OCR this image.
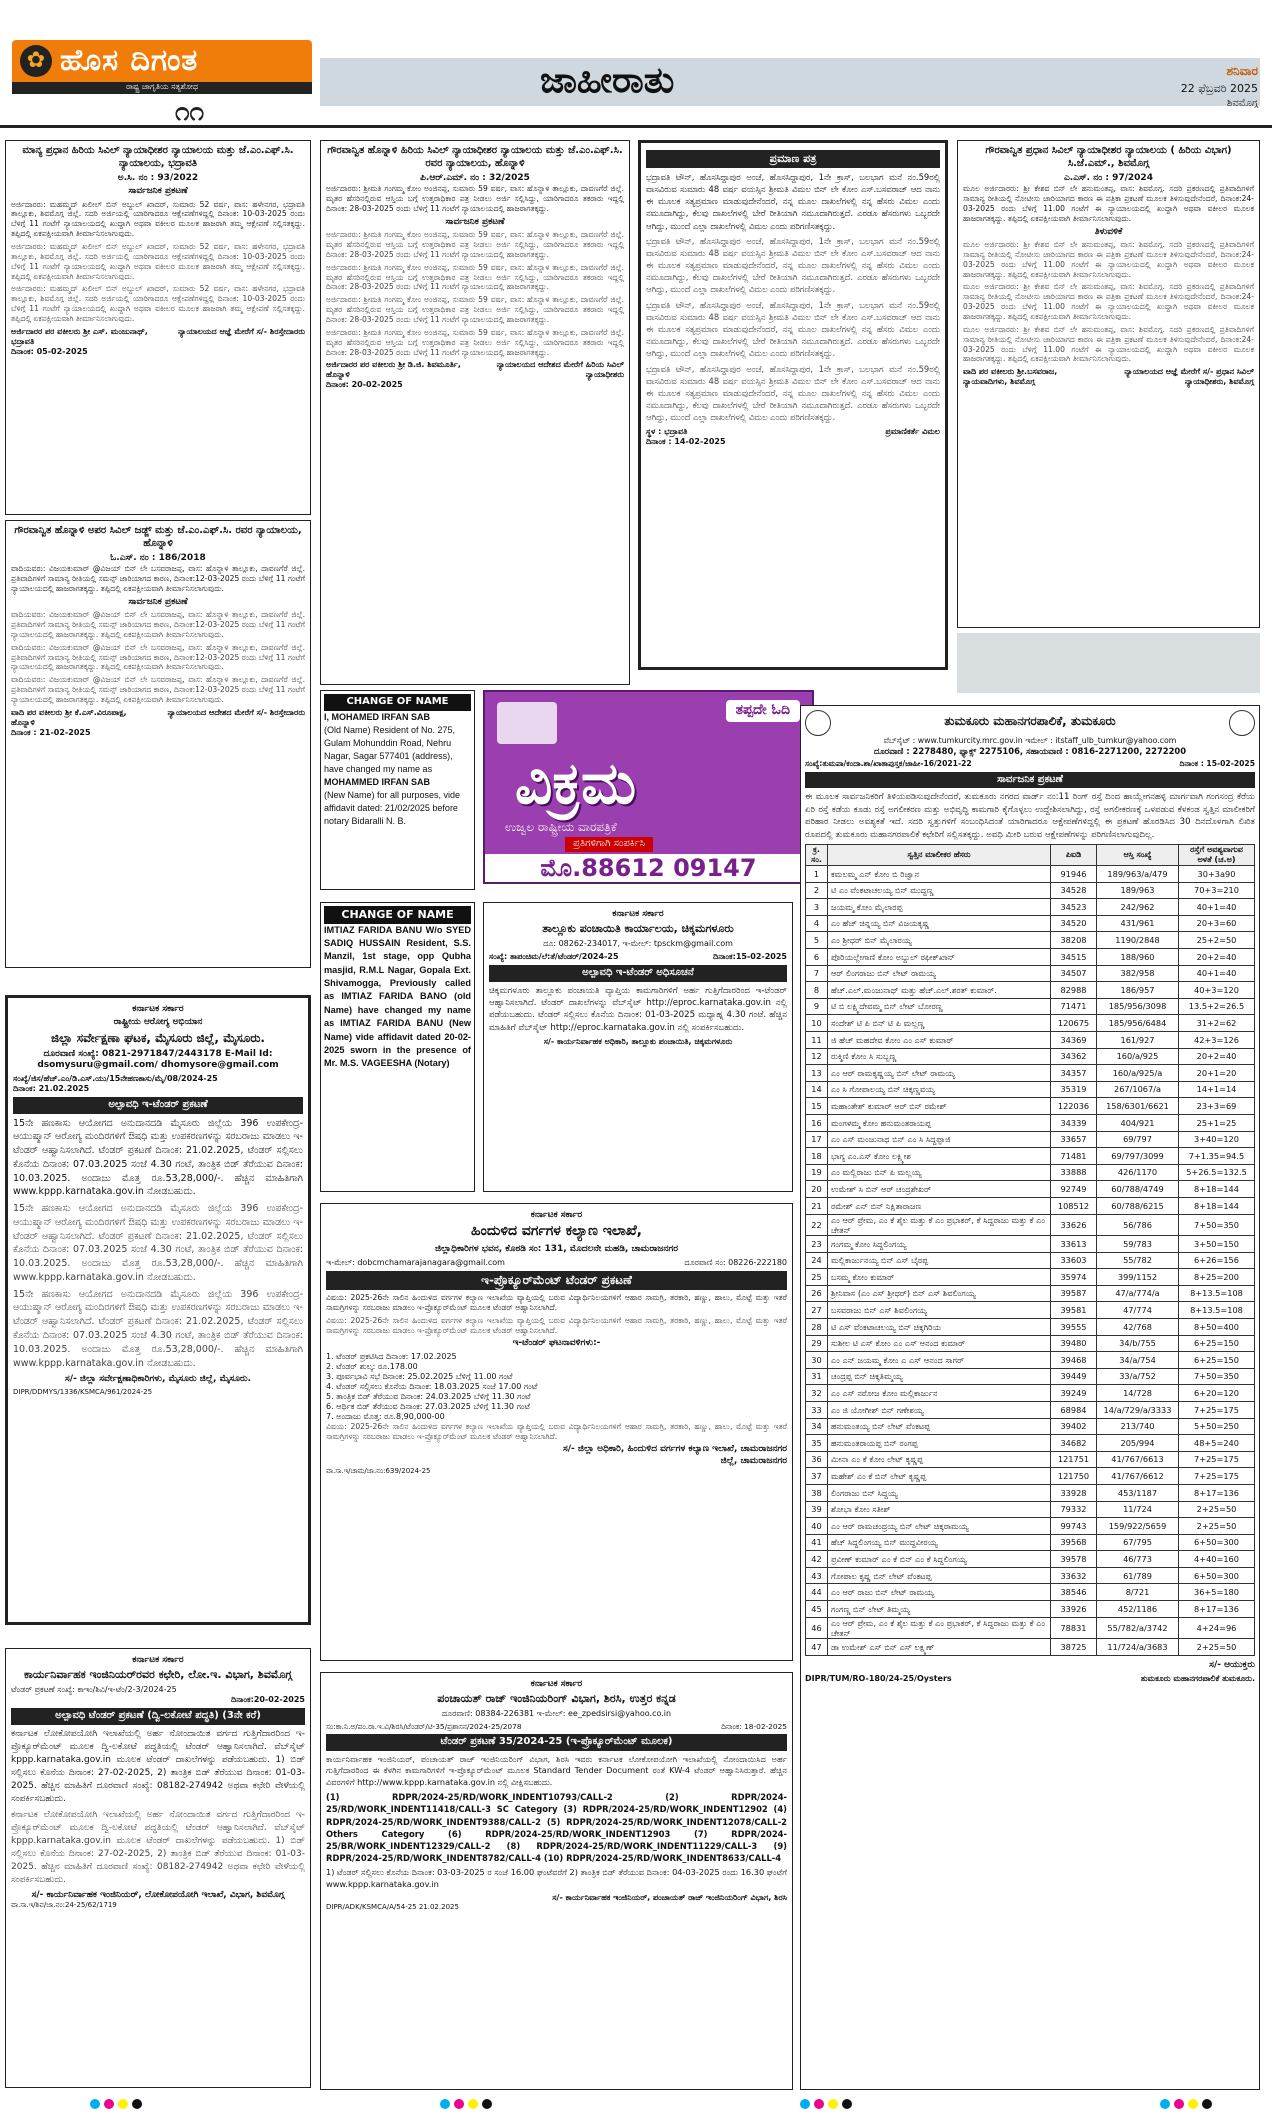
✿ ಹೊಸ ದಿಗಂತ
ರಾಷ್ಟ್ರ ಜಾಗೃತಿಯ ಸತ್ಯಶೋಧ
೧೧
ಜಾಹೀರಾತು	ಶನಿವಾರ
22 ಫೆಬ್ರವರಿ 2025
ಶಿವಮೊಗ್ಗ
ಮಾನ್ಯ ಪ್ರಧಾನ ಹಿರಿಯ ಸಿವಿಲ್ ನ್ಯಾಯಾಧೀಶರ ನ್ಯಾಯಾಲಯ ಮತ್ತು ಜೆ.ಎಂ.ಎಫ್.ಸಿ. ನ್ಯಾಯಾಲಯ, ಭದ್ರಾವತಿ
ಅ.ಸಿ. ನಂ : 93/2022
ಸಾರ್ವಜನಿಕ ಪ್ರಕಟಣೆ

ಅರ್ಜಿದಾರರು: ಮಹಮ್ಮದ್ ಖಲೀಲ್ ಬಿನ್ ಅಬ್ದುಲ್ ಖಾದರ್, ಸುಮಾರು 52 ವರ್ಷ, ವಾಸ: ಹಳೇನಗರ, ಭದ್ರಾವತಿ ತಾಲ್ಲೂಕು, ಶಿವಮೊಗ್ಗ ಜಿಲ್ಲೆ. ಸದರಿ ಅರ್ಜಿಯಲ್ಲಿ ಯಾರಿಗಾದರೂ ಆಕ್ಷೇಪಣೆಗಳಿದ್ದಲ್ಲಿ ದಿನಾಂಕ: 10-03-2025 ರಂದು ಬೆಳಿಗ್ಗೆ 11 ಗಂಟೆಗೆ ನ್ಯಾಯಾಲಯದಲ್ಲಿ ಖುದ್ದಾಗಿ ಅಥವಾ ವಕೀಲರ ಮೂಲಕ ಹಾಜರಾಗಿ ತಮ್ಮ ಆಕ್ಷೇಪಣೆ ಸಲ್ಲಿಸತಕ್ಕದ್ದು. ತಪ್ಪಿದಲ್ಲಿ ಏಕಪಕ್ಷೀಯವಾಗಿ ತೀರ್ಮಾನಿಸಲಾಗುವುದು.

ಅರ್ಜಿದಾರರು: ಮಹಮ್ಮದ್ ಖಲೀಲ್ ಬಿನ್ ಅಬ್ದುಲ್ ಖಾದರ್, ಸುಮಾರು 52 ವರ್ಷ, ವಾಸ: ಹಳೇನಗರ, ಭದ್ರಾವತಿ ತಾಲ್ಲೂಕು, ಶಿವಮೊಗ್ಗ ಜಿಲ್ಲೆ. ಸದರಿ ಅರ್ಜಿಯಲ್ಲಿ ಯಾರಿಗಾದರೂ ಆಕ್ಷೇಪಣೆಗಳಿದ್ದಲ್ಲಿ ದಿನಾಂಕ: 10-03-2025 ರಂದು ಬೆಳಿಗ್ಗೆ 11 ಗಂಟೆಗೆ ನ್ಯಾಯಾಲಯದಲ್ಲಿ ಖುದ್ದಾಗಿ ಅಥವಾ ವಕೀಲರ ಮೂಲಕ ಹಾಜರಾಗಿ ತಮ್ಮ ಆಕ್ಷೇಪಣೆ ಸಲ್ಲಿಸತಕ್ಕದ್ದು. ತಪ್ಪಿದಲ್ಲಿ ಏಕಪಕ್ಷೀಯವಾಗಿ ತೀರ್ಮಾನಿಸಲಾಗುವುದು.

ಅರ್ಜಿದಾರರು: ಮಹಮ್ಮದ್ ಖಲೀಲ್ ಬಿನ್ ಅಬ್ದುಲ್ ಖಾದರ್, ಸುಮಾರು 52 ವರ್ಷ, ವಾಸ: ಹಳೇನಗರ, ಭದ್ರಾವತಿ ತಾಲ್ಲೂಕು, ಶಿವಮೊಗ್ಗ ಜಿಲ್ಲೆ. ಸದರಿ ಅರ್ಜಿಯಲ್ಲಿ ಯಾರಿಗಾದರೂ ಆಕ್ಷೇಪಣೆಗಳಿದ್ದಲ್ಲಿ ದಿನಾಂಕ: 10-03-2025 ರಂದು ಬೆಳಿಗ್ಗೆ 11 ಗಂಟೆಗೆ ನ್ಯಾಯಾಲಯದಲ್ಲಿ ಖುದ್ದಾಗಿ ಅಥವಾ ವಕೀಲರ ಮೂಲಕ ಹಾಜರಾಗಿ ತಮ್ಮ ಆಕ್ಷೇಪಣೆ ಸಲ್ಲಿಸತಕ್ಕದ್ದು. ತಪ್ಪಿದಲ್ಲಿ ಏಕಪಕ್ಷೀಯವಾಗಿ ತೀರ್ಮಾನಿಸಲಾಗುವುದು.

ಅರ್ಜಿದಾರರ ಪರ ವಕೀಲರು ಶ್ರೀ ಎಸ್. ಮಂಜುನಾಥ್, ಭದ್ರಾವತಿ
ನ್ಯಾಯಾಲಯದ ಆಜ್ಞೆ ಮೇರೆಗೆ ಸ/- ಶಿರಸ್ತೇದಾರರು
ದಿನಾಂಕ: 05-02-2025
ಗೌರವಾನ್ವಿತ ಹೊನ್ನಾಳಿ ಅಪರ ಸಿವಿಲ್ ಜಡ್ಜ್ ಮತ್ತು ಜೆ.ಎಂ.ಎಫ್.ಸಿ. ರವರ ನ್ಯಾಯಾಲಯ, ಹೊನ್ನಾಳಿ
ಓ.ಎಸ್. ನಂ : 186/2018

ವಾದಿಯವರು: ವಿಜಯಕುಮಾರ್ @ವಿಜಯ್ ಬಿನ್ ಲೇ ಬಸವರಾಜಪ್ಪ, ವಾಸ: ಹೊನ್ನಾಳಿ ತಾಲ್ಲೂಕು, ದಾವಣಗೆರೆ ಜಿಲ್ಲೆ. ಪ್ರತಿವಾದಿಗಳಿಗೆ ಸಾಮಾನ್ಯ ರೀತಿಯಲ್ಲಿ ಸಮನ್ಸ್ ಜಾರಿಯಾಗದ ಕಾರಣ, ದಿನಾಂಕ:12-03-2025 ರಂದು ಬೆಳಿಗ್ಗೆ 11 ಗಂಟೆಗೆ ನ್ಯಾಯಾಲಯದಲ್ಲಿ ಹಾಜರಾಗತಕ್ಕದ್ದು. ತಪ್ಪಿದಲ್ಲಿ ಏಕಪಕ್ಷೀಯವಾಗಿ ತೀರ್ಮಾನಿಸಲಾಗುವುದು.

ಸಾರ್ವಜನಿಕ ಪ್ರಕಟಣೆ

ವಾದಿಯವರು: ವಿಜಯಕುಮಾರ್ @ವಿಜಯ್ ಬಿನ್ ಲೇ ಬಸವರಾಜಪ್ಪ, ವಾಸ: ಹೊನ್ನಾಳಿ ತಾಲ್ಲೂಕು, ದಾವಣಗೆರೆ ಜಿಲ್ಲೆ. ಪ್ರತಿವಾದಿಗಳಿಗೆ ಸಾಮಾನ್ಯ ರೀತಿಯಲ್ಲಿ ಸಮನ್ಸ್ ಜಾರಿಯಾಗದ ಕಾರಣ, ದಿನಾಂಕ:12-03-2025 ರಂದು ಬೆಳಿಗ್ಗೆ 11 ಗಂಟೆಗೆ ನ್ಯಾಯಾಲಯದಲ್ಲಿ ಹಾಜರಾಗತಕ್ಕದ್ದು. ತಪ್ಪಿದಲ್ಲಿ ಏಕಪಕ್ಷೀಯವಾಗಿ ತೀರ್ಮಾನಿಸಲಾಗುವುದು.

ವಾದಿಯವರು: ವಿಜಯಕುಮಾರ್ @ವಿಜಯ್ ಬಿನ್ ಲೇ ಬಸವರಾಜಪ್ಪ, ವಾಸ: ಹೊನ್ನಾಳಿ ತಾಲ್ಲೂಕು, ದಾವಣಗೆರೆ ಜಿಲ್ಲೆ. ಪ್ರತಿವಾದಿಗಳಿಗೆ ಸಾಮಾನ್ಯ ರೀತಿಯಲ್ಲಿ ಸಮನ್ಸ್ ಜಾರಿಯಾಗದ ಕಾರಣ, ದಿನಾಂಕ:12-03-2025 ರಂದು ಬೆಳಿಗ್ಗೆ 11 ಗಂಟೆಗೆ ನ್ಯಾಯಾಲಯದಲ್ಲಿ ಹಾಜರಾಗತಕ್ಕದ್ದು. ತಪ್ಪಿದಲ್ಲಿ ಏಕಪಕ್ಷೀಯವಾಗಿ ತೀರ್ಮಾನಿಸಲಾಗುವುದು.

ವಾದಿಯವರು: ವಿಜಯಕುಮಾರ್ @ವಿಜಯ್ ಬಿನ್ ಲೇ ಬಸವರಾಜಪ್ಪ, ವಾಸ: ಹೊನ್ನಾಳಿ ತಾಲ್ಲೂಕು, ದಾವಣಗೆರೆ ಜಿಲ್ಲೆ. ಪ್ರತಿವಾದಿಗಳಿಗೆ ಸಾಮಾನ್ಯ ರೀತಿಯಲ್ಲಿ ಸಮನ್ಸ್ ಜಾರಿಯಾಗದ ಕಾರಣ, ದಿನಾಂಕ:12-03-2025 ರಂದು ಬೆಳಿಗ್ಗೆ 11 ಗಂಟೆಗೆ ನ್ಯಾಯಾಲಯದಲ್ಲಿ ಹಾಜರಾಗತಕ್ಕದ್ದು. ತಪ್ಪಿದಲ್ಲಿ ಏಕಪಕ್ಷೀಯವಾಗಿ ತೀರ್ಮಾನಿಸಲಾಗುವುದು.

ವಾದಿ ಪರ ವಕೀಲರು ಶ್ರೀ ಕೆ.ಎಸ್.ವಿರೂಪಾಕ್ಷ, ಹೊನ್ನಾಳಿ
ನ್ಯಾಯಾಲಯದ ಆದೇಶದ ಮೇರೆಗೆ ಸ/- ಶಿರಸ್ತೇದಾರರು
ದಿನಾಂಕ : 21-02-2025
ಕರ್ನಾಟಕ ಸರ್ಕಾರ
ರಾಷ್ಟ್ರೀಯ ಆರೋಗ್ಯ ಅಭಿಯಾನ
ಜಿಲ್ಲಾ ಸರ್ವೇಕ್ಷಣಾ ಘಟಕ, ಮೈಸೂರು ಜಿಲ್ಲೆ, ಮೈಸೂರು.
ದೂರವಾಣಿ ಸಂಖ್ಯೆ: 0821-2971847/2443178 E-Mail Id: dsomysuru@gmail.com/ dhomysore@gmail.com
ಸಂಖ್ಯೆ/ಜಿಸ/ಹೆಚ್.ಎಂ/ಡಿ.ಎಸ್.ಯು/15ನೇಹಣಕಾಸು/ಮೈ/08/2024-25
ದಿನಾಂಕ: 21.02.2025
ಅಲ್ಪಾವಧಿ ಇ-ಟೆಂಡರ್ ಪ್ರಕಟಣೆ

15ನೇ ಹಣಕಾಸು ಆಯೋಗದ ಅನುದಾನದಡಿ ಮೈಸೂರು ಜಿಲ್ಲೆಯ 396 ಉಪಕೇಂದ್ರ-ಆಯುಷ್ಮಾನ್ ಆರೋಗ್ಯ ಮಂದಿರಗಳಿಗೆ ಔಷಧಿ ಮತ್ತು ಉಪಕರಣಗಳನ್ನು ಸರಬರಾಜು ಮಾಡಲು ಇ-ಟೆಂಡರ್ ಆಹ್ವಾನಿಸಲಾಗಿದೆ. ಟೆಂಡರ್ ಪ್ರಕಟಣೆ ದಿನಾಂಕ: 21.02.2025, ಟೆಂಡರ್ ಸಲ್ಲಿಸಲು ಕೊನೆಯ ದಿನಾಂಕ: 07.03.2025 ಸಂಜೆ 4.30 ಗಂಟೆ, ತಾಂತ್ರಿಕ ಬಿಡ್ ತೆರೆಯುವ ದಿನಾಂಕ: 10.03.2025. ಅಂದಾಜು ಮೊತ್ತ ರೂ.53,28,000/-. ಹೆಚ್ಚಿನ ಮಾಹಿತಿಗಾಗಿ www.kppp.karnataka.gov.in ನೋಡಬಹುದು.

15ನೇ ಹಣಕಾಸು ಆಯೋಗದ ಅನುದಾನದಡಿ ಮೈಸೂರು ಜಿಲ್ಲೆಯ 396 ಉಪಕೇಂದ್ರ-ಆಯುಷ್ಮಾನ್ ಆರೋಗ್ಯ ಮಂದಿರಗಳಿಗೆ ಔಷಧಿ ಮತ್ತು ಉಪಕರಣಗಳನ್ನು ಸರಬರಾಜು ಮಾಡಲು ಇ-ಟೆಂಡರ್ ಆಹ್ವಾನಿಸಲಾಗಿದೆ. ಟೆಂಡರ್ ಪ್ರಕಟಣೆ ದಿನಾಂಕ: 21.02.2025, ಟೆಂಡರ್ ಸಲ್ಲಿಸಲು ಕೊನೆಯ ದಿನಾಂಕ: 07.03.2025 ಸಂಜೆ 4.30 ಗಂಟೆ, ತಾಂತ್ರಿಕ ಬಿಡ್ ತೆರೆಯುವ ದಿನಾಂಕ: 10.03.2025. ಅಂದಾಜು ಮೊತ್ತ ರೂ.53,28,000/-. ಹೆಚ್ಚಿನ ಮಾಹಿತಿಗಾಗಿ www.kppp.karnataka.gov.in ನೋಡಬಹುದು.

15ನೇ ಹಣಕಾಸು ಆಯೋಗದ ಅನುದಾನದಡಿ ಮೈಸೂರು ಜಿಲ್ಲೆಯ 396 ಉಪಕೇಂದ್ರ-ಆಯುಷ್ಮಾನ್ ಆರೋಗ್ಯ ಮಂದಿರಗಳಿಗೆ ಔಷಧಿ ಮತ್ತು ಉಪಕರಣಗಳನ್ನು ಸರಬರಾಜು ಮಾಡಲು ಇ-ಟೆಂಡರ್ ಆಹ್ವಾನಿಸಲಾಗಿದೆ. ಟೆಂಡರ್ ಪ್ರಕಟಣೆ ದಿನಾಂಕ: 21.02.2025, ಟೆಂಡರ್ ಸಲ್ಲಿಸಲು ಕೊನೆಯ ದಿನಾಂಕ: 07.03.2025 ಸಂಜೆ 4.30 ಗಂಟೆ, ತಾಂತ್ರಿಕ ಬಿಡ್ ತೆರೆಯುವ ದಿನಾಂಕ: 10.03.2025. ಅಂದಾಜು ಮೊತ್ತ ರೂ.53,28,000/-. ಹೆಚ್ಚಿನ ಮಾಹಿತಿಗಾಗಿ www.kppp.karnataka.gov.in ನೋಡಬಹುದು.

ಸ/- ಜಿಲ್ಲಾ ಸರ್ವೇಕ್ಷಣಾಧಿಕಾರಿಗಳು, ಮೈಸೂರು ಜಿಲ್ಲೆ, ಮೈಸೂರು.
DIPR/DDMYS/1336/KSMCA/961/2024-25
ಕರ್ನಾಟಕ ಸರ್ಕಾರ
ಕಾರ್ಯನಿರ್ವಾಹಕ ಇಂಜಿನಿಯರ್‌ರವರ ಕಛೇರಿ, ಲೋ.ಇ. ವಿಭಾಗ, ಶಿವಮೊಗ್ಗ
ಟೆಂಡರ್ ಪ್ರಕಟಣೆ ಸಂಖ್ಯೆ: ಕಾಇಂ/ಶಿವಿ/ಇ-ಟೆಂ/2-3/2024-25
ದಿನಾಂಕ:20-02-2025
ಅಲ್ಪಾವಧಿ ಟೆಂಡರ್ ಪ್ರಕಟಣೆ (ದ್ವಿ-ಲಕೋಟೆ ಪದ್ಧತಿ) (3ನೇ ಕರೆ)

ಕರ್ನಾಟಕ ಲೋಕೋಪಯೋಗಿ ಇಲಾಖೆಯಲ್ಲಿ ಅರ್ಹ ನೋಂದಾಯಿತ ವರ್ಗದ ಗುತ್ತಿಗೆದಾರರಿಂದ ಇ-ಪ್ರೊಕ್ಯೂರ್‌ಮೆಂಟ್ ಮೂಲಕ ದ್ವಿ-ಲಕೋಟೆ ಪದ್ಧತಿಯಲ್ಲಿ ಟೆಂಡರ್ ಆಹ್ವಾನಿಸಲಾಗಿದೆ. ವೆಬ್‌ಸೈಟ್ kppp.karnataka.gov.in ಮೂಲಕ ಟೆಂಡರ್ ದಾಖಲೆಗಳನ್ನು ಪಡೆಯಬಹುದು. 1) ಬಿಡ್ ಸಲ್ಲಿಸಲು ಕೊನೆಯ ದಿನಾಂಕ: 27-02-2025, 2) ತಾಂತ್ರಿಕ ಬಿಡ್ ತೆರೆಯುವ ದಿನಾಂಕ: 01-03-2025. ಹೆಚ್ಚಿನ ಮಾಹಿತಿಗೆ ದೂರವಾಣಿ ಸಂಖ್ಯೆ: 08182-274942 ಅಥವಾ ಕಛೇರಿ ವೇಳೆಯಲ್ಲಿ ಸಂಪರ್ಕಿಸಬಹುದು.

ಕರ್ನಾಟಕ ಲೋಕೋಪಯೋಗಿ ಇಲಾಖೆಯಲ್ಲಿ ಅರ್ಹ ನೋಂದಾಯಿತ ವರ್ಗದ ಗುತ್ತಿಗೆದಾರರಿಂದ ಇ-ಪ್ರೊಕ್ಯೂರ್‌ಮೆಂಟ್ ಮೂಲಕ ದ್ವಿ-ಲಕೋಟೆ ಪದ್ಧತಿಯಲ್ಲಿ ಟೆಂಡರ್ ಆಹ್ವಾನಿಸಲಾಗಿದೆ. ವೆಬ್‌ಸೈಟ್ kppp.karnataka.gov.in ಮೂಲಕ ಟೆಂಡರ್ ದಾಖಲೆಗಳನ್ನು ಪಡೆಯಬಹುದು. 1) ಬಿಡ್ ಸಲ್ಲಿಸಲು ಕೊನೆಯ ದಿನಾಂಕ: 27-02-2025, 2) ತಾಂತ್ರಿಕ ಬಿಡ್ ತೆರೆಯುವ ದಿನಾಂಕ: 01-03-2025. ಹೆಚ್ಚಿನ ಮಾಹಿತಿಗೆ ದೂರವಾಣಿ ಸಂಖ್ಯೆ: 08182-274942 ಅಥವಾ ಕಛೇರಿ ವೇಳೆಯಲ್ಲಿ ಸಂಪರ್ಕಿಸಬಹುದು.

ಸ/- ಕಾರ್ಯನಿರ್ವಾಹಕ ಇಂಜಿನಿಯರ್, ಲೋಕೋಪಯೋಗಿ ಇಲಾಖೆ, ವಿಭಾಗ, ಶಿವಮೊಗ್ಗ
ವಾ.ಸಾ.ಇ/ಶಿವ/ಜಾ.ನಂ:24-25/62/1719
ಗೌರವಾನ್ವಿತ ಹೊನ್ನಾಳಿ ಹಿರಿಯ ಸಿವಿಲ್ ನ್ಯಾಯಾಧೀಶರ ನ್ಯಾಯಾಲಯ ಮತ್ತು ಜೆ.ಎಂ.ಎಫ್.ಸಿ. ರವರ ನ್ಯಾಯಾಲಯ, ಹೊನ್ನಾಳಿ
ಪಿ.ಆರ್.ಎಮ್. ನಂ : 32/2025

ಅರ್ಜಿದಾರರು: ಶ್ರೀಮತಿ ಗಂಗಮ್ಮ ಕೋಂ ಅಂಜಿನಪ್ಪ, ಸುಮಾರು 59 ವರ್ಷ, ವಾಸ: ಹೊನ್ನಾಳಿ ತಾಲ್ಲೂಕು, ದಾವಣಗೆರೆ ಜಿಲ್ಲೆ. ಮೃತರ ಹೆಸರಿನಲ್ಲಿರುವ ಆಸ್ತಿಯ ಬಗ್ಗೆ ಉತ್ತರಾಧಿಕಾರ ಪತ್ರ ನೀಡಲು ಅರ್ಜಿ ಸಲ್ಲಿಸಿದ್ದು, ಯಾರಿಗಾದರೂ ತಕರಾರು ಇದ್ದಲ್ಲಿ ದಿನಾಂಕ: 28-03-2025 ರಂದು ಬೆಳಿಗ್ಗೆ 11 ಗಂಟೆಗೆ ನ್ಯಾಯಾಲಯದಲ್ಲಿ ಹಾಜರಾಗತಕ್ಕದ್ದು.

ಸಾರ್ವಜನಿಕ ಪ್ರಕಟಣೆ

ಅರ್ಜಿದಾರರು: ಶ್ರೀಮತಿ ಗಂಗಮ್ಮ ಕೋಂ ಅಂಜಿನಪ್ಪ, ಸುಮಾರು 59 ವರ್ಷ, ವಾಸ: ಹೊನ್ನಾಳಿ ತಾಲ್ಲೂಕು, ದಾವಣಗೆರೆ ಜಿಲ್ಲೆ. ಮೃತರ ಹೆಸರಿನಲ್ಲಿರುವ ಆಸ್ತಿಯ ಬಗ್ಗೆ ಉತ್ತರಾಧಿಕಾರ ಪತ್ರ ನೀಡಲು ಅರ್ಜಿ ಸಲ್ಲಿಸಿದ್ದು, ಯಾರಿಗಾದರೂ ತಕರಾರು ಇದ್ದಲ್ಲಿ ದಿನಾಂಕ: 28-03-2025 ರಂದು ಬೆಳಿಗ್ಗೆ 11 ಗಂಟೆಗೆ ನ್ಯಾಯಾಲಯದಲ್ಲಿ ಹಾಜರಾಗತಕ್ಕದ್ದು.

ಅರ್ಜಿದಾರರು: ಶ್ರೀಮತಿ ಗಂಗಮ್ಮ ಕೋಂ ಅಂಜಿನಪ್ಪ, ಸುಮಾರು 59 ವರ್ಷ, ವಾಸ: ಹೊನ್ನಾಳಿ ತಾಲ್ಲೂಕು, ದಾವಣಗೆರೆ ಜಿಲ್ಲೆ. ಮೃತರ ಹೆಸರಿನಲ್ಲಿರುವ ಆಸ್ತಿಯ ಬಗ್ಗೆ ಉತ್ತರಾಧಿಕಾರ ಪತ್ರ ನೀಡಲು ಅರ್ಜಿ ಸಲ್ಲಿಸಿದ್ದು, ಯಾರಿಗಾದರೂ ತಕರಾರು ಇದ್ದಲ್ಲಿ ದಿನಾಂಕ: 28-03-2025 ರಂದು ಬೆಳಿಗ್ಗೆ 11 ಗಂಟೆಗೆ ನ್ಯಾಯಾಲಯದಲ್ಲಿ ಹಾಜರಾಗತಕ್ಕದ್ದು.

ಅರ್ಜಿದಾರರು: ಶ್ರೀಮತಿ ಗಂಗಮ್ಮ ಕೋಂ ಅಂಜಿನಪ್ಪ, ಸುಮಾರು 59 ವರ್ಷ, ವಾಸ: ಹೊನ್ನಾಳಿ ತಾಲ್ಲೂಕು, ದಾವಣಗೆರೆ ಜಿಲ್ಲೆ. ಮೃತರ ಹೆಸರಿನಲ್ಲಿರುವ ಆಸ್ತಿಯ ಬಗ್ಗೆ ಉತ್ತರಾಧಿಕಾರ ಪತ್ರ ನೀಡಲು ಅರ್ಜಿ ಸಲ್ಲಿಸಿದ್ದು, ಯಾರಿಗಾದರೂ ತಕರಾರು ಇದ್ದಲ್ಲಿ ದಿನಾಂಕ: 28-03-2025 ರಂದು ಬೆಳಿಗ್ಗೆ 11 ಗಂಟೆಗೆ ನ್ಯಾಯಾಲಯದಲ್ಲಿ ಹಾಜರಾಗತಕ್ಕದ್ದು.

ಅರ್ಜಿದಾರರು: ಶ್ರೀಮತಿ ಗಂಗಮ್ಮ ಕೋಂ ಅಂಜಿನಪ್ಪ, ಸುಮಾರು 59 ವರ್ಷ, ವಾಸ: ಹೊನ್ನಾಳಿ ತಾಲ್ಲೂಕು, ದಾವಣಗೆರೆ ಜಿಲ್ಲೆ. ಮೃತರ ಹೆಸರಿನಲ್ಲಿರುವ ಆಸ್ತಿಯ ಬಗ್ಗೆ ಉತ್ತರಾಧಿಕಾರ ಪತ್ರ ನೀಡಲು ಅರ್ಜಿ ಸಲ್ಲಿಸಿದ್ದು, ಯಾರಿಗಾದರೂ ತಕರಾರು ಇದ್ದಲ್ಲಿ ದಿನಾಂಕ: 28-03-2025 ರಂದು ಬೆಳಿಗ್ಗೆ 11 ಗಂಟೆಗೆ ನ್ಯಾಯಾಲಯದಲ್ಲಿ ಹಾಜರಾಗತಕ್ಕದ್ದು.

ಅರ್ಜಿದಾರರ ಪರ ವಕೀಲರು ಶ್ರೀ ಡಿ.ಜಿ. ಶಿವಮೂರ್ತಿ, ಹೊನ್ನಾಳಿ
ನ್ಯಾಯಾಲಯದ ಆದೇಶದ ಮೇರೆಗೆ ಹಿರಿಯ ಸಿವಿಲ್ ನ್ಯಾಯಾಧೀಶರು
ದಿನಾಂಕ: 20-02-2025
ಪ್ರಮಾಣ ಪತ್ರ

ಭದ್ರಾವತಿ ಟೌನ್, ಹೊಸಸಿದ್ದಾಪುರ ಅಂಚೆ, ಹೊಸಸಿದ್ದಾಪುರ, 1ನೇ ಕ್ರಾಸ್, ಬಲಭಾಗ ಮನೆ ನಂ.59ರಲ್ಲಿ ವಾಸವಿರುವ ಸುಮಾರು 48 ವರ್ಷ ವಯಸ್ಸಿನ ಶ್ರೀಮತಿ ವಿಮಲ ಬಿನ್ ಲೇ ಕೋಂ ಎಸ್.ಬಸವರಾಜ್ ಆದ ನಾನು ಈ ಮೂಲಕ ಸತ್ಯಪ್ರಮಾಣ ಮಾಡುವುದೇನೆಂದರೆ, ನನ್ನ ಮೂಲ ದಾಖಲೆಗಳಲ್ಲಿ ನನ್ನ ಹೆಸರು ವಿಮಲ ಎಂದು ನಮೂದಾಗಿದ್ದು, ಕೆಲವು ದಾಖಲೆಗಳಲ್ಲಿ ಬೇರೆ ರೀತಿಯಾಗಿ ನಮೂದಾಗಿರುತ್ತದೆ. ಎರಡೂ ಹೆಸರುಗಳು ಒಬ್ಬರದೇ ಆಗಿದ್ದು, ಮುಂದೆ ಎಲ್ಲಾ ದಾಖಲೆಗಳಲ್ಲಿ ವಿಮಲ ಎಂದು ಪರಿಗಣಿಸತಕ್ಕದ್ದು.

ಭದ್ರಾವತಿ ಟೌನ್, ಹೊಸಸಿದ್ದಾಪುರ ಅಂಚೆ, ಹೊಸಸಿದ್ದಾಪುರ, 1ನೇ ಕ್ರಾಸ್, ಬಲಭಾಗ ಮನೆ ನಂ.59ರಲ್ಲಿ ವಾಸವಿರುವ ಸುಮಾರು 48 ವರ್ಷ ವಯಸ್ಸಿನ ಶ್ರೀಮತಿ ವಿಮಲ ಬಿನ್ ಲೇ ಕೋಂ ಎಸ್.ಬಸವರಾಜ್ ಆದ ನಾನು ಈ ಮೂಲಕ ಸತ್ಯಪ್ರಮಾಣ ಮಾಡುವುದೇನೆಂದರೆ, ನನ್ನ ಮೂಲ ದಾಖಲೆಗಳಲ್ಲಿ ನನ್ನ ಹೆಸರು ವಿಮಲ ಎಂದು ನಮೂದಾಗಿದ್ದು, ಕೆಲವು ದಾಖಲೆಗಳಲ್ಲಿ ಬೇರೆ ರೀತಿಯಾಗಿ ನಮೂದಾಗಿರುತ್ತದೆ. ಎರಡೂ ಹೆಸರುಗಳು ಒಬ್ಬರದೇ ಆಗಿದ್ದು, ಮುಂದೆ ಎಲ್ಲಾ ದಾಖಲೆಗಳಲ್ಲಿ ವಿಮಲ ಎಂದು ಪರಿಗಣಿಸತಕ್ಕದ್ದು.

ಭದ್ರಾವತಿ ಟೌನ್, ಹೊಸಸಿದ್ದಾಪುರ ಅಂಚೆ, ಹೊಸಸಿದ್ದಾಪುರ, 1ನೇ ಕ್ರಾಸ್, ಬಲಭಾಗ ಮನೆ ನಂ.59ರಲ್ಲಿ ವಾಸವಿರುವ ಸುಮಾರು 48 ವರ್ಷ ವಯಸ್ಸಿನ ಶ್ರೀಮತಿ ವಿಮಲ ಬಿನ್ ಲೇ ಕೋಂ ಎಸ್.ಬಸವರಾಜ್ ಆದ ನಾನು ಈ ಮೂಲಕ ಸತ್ಯಪ್ರಮಾಣ ಮಾಡುವುದೇನೆಂದರೆ, ನನ್ನ ಮೂಲ ದಾಖಲೆಗಳಲ್ಲಿ ನನ್ನ ಹೆಸರು ವಿಮಲ ಎಂದು ನಮೂದಾಗಿದ್ದು, ಕೆಲವು ದಾಖಲೆಗಳಲ್ಲಿ ಬೇರೆ ರೀತಿಯಾಗಿ ನಮೂದಾಗಿರುತ್ತದೆ. ಎರಡೂ ಹೆಸರುಗಳು ಒಬ್ಬರದೇ ಆಗಿದ್ದು, ಮುಂದೆ ಎಲ್ಲಾ ದಾಖಲೆಗಳಲ್ಲಿ ವಿಮಲ ಎಂದು ಪರಿಗಣಿಸತಕ್ಕದ್ದು.

ಭದ್ರಾವತಿ ಟೌನ್, ಹೊಸಸಿದ್ದಾಪುರ ಅಂಚೆ, ಹೊಸಸಿದ್ದಾಪುರ, 1ನೇ ಕ್ರಾಸ್, ಬಲಭಾಗ ಮನೆ ನಂ.59ರಲ್ಲಿ ವಾಸವಿರುವ ಸುಮಾರು 48 ವರ್ಷ ವಯಸ್ಸಿನ ಶ್ರೀಮತಿ ವಿಮಲ ಬಿನ್ ಲೇ ಕೋಂ ಎಸ್.ಬಸವರಾಜ್ ಆದ ನಾನು ಈ ಮೂಲಕ ಸತ್ಯಪ್ರಮಾಣ ಮಾಡುವುದೇನೆಂದರೆ, ನನ್ನ ಮೂಲ ದಾಖಲೆಗಳಲ್ಲಿ ನನ್ನ ಹೆಸರು ವಿಮಲ ಎಂದು ನಮೂದಾಗಿದ್ದು, ಕೆಲವು ದಾಖಲೆಗಳಲ್ಲಿ ಬೇರೆ ರೀತಿಯಾಗಿ ನಮೂದಾಗಿರುತ್ತದೆ. ಎರಡೂ ಹೆಸರುಗಳು ಒಬ್ಬರದೇ ಆಗಿದ್ದು, ಮುಂದೆ ಎಲ್ಲಾ ದಾಖಲೆಗಳಲ್ಲಿ ವಿಮಲ ಎಂದು ಪರಿಗಣಿಸತಕ್ಕದ್ದು.

ಸ್ಥಳ : ಭದ್ರಾವತಿ	ಪ್ರಮಾಣಿಕರ್ತೆ ವಿಮಲ
ದಿನಾಂಕ : 14-02-2025
ಗೌರವಾನ್ವಿತ ಪ್ರಧಾನ ಸಿವಿಲ್ ನ್ಯಾಯಾಧೀಶರ ನ್ಯಾಯಾಲಯ ( ಹಿರಿಯ ವಿಭಾಗ) ಸಿ.ಜೆ.ಎಮ್., ಶಿವಮೊಗ್ಗ
ಎ.ಎಸ್. ನಂ : 97/2024

ಮೂಲ ಅರ್ಜಿದಾರರು: ಶ್ರೀ ಕೇಶವ ಬಿನ್ ಲೇ ಹನುಮಂತಪ್ಪ, ವಾಸ: ಶಿವಮೊಗ್ಗ. ಸದರಿ ಪ್ರಕರಣದಲ್ಲಿ ಪ್ರತಿವಾದಿಗಳಿಗೆ ಸಾಮಾನ್ಯ ರೀತಿಯಲ್ಲಿ ನೋಟೀಸು ಜಾರಿಯಾಗದ ಕಾರಣ ಈ ಪತ್ರಿಕಾ ಪ್ರಕಟಣೆ ಮೂಲಕ ತಿಳಿಸುವುದೇನೆಂದರೆ, ದಿನಾಂಕ:24-03-2025 ರಂದು ಬೆಳಿಗ್ಗೆ 11.00 ಗಂಟೆಗೆ ಈ ನ್ಯಾಯಾಲಯದಲ್ಲಿ ಖುದ್ದಾಗಿ ಅಥವಾ ವಕೀಲರ ಮೂಲಕ ಹಾಜರಾಗತಕ್ಕದ್ದು. ತಪ್ಪಿದಲ್ಲಿ ಏಕಪಕ್ಷೀಯವಾಗಿ ತೀರ್ಮಾನಿಸಲಾಗುವುದು.

ತಿಳುವಳಿಕೆ

ಮೂಲ ಅರ್ಜಿದಾರರು: ಶ್ರೀ ಕೇಶವ ಬಿನ್ ಲೇ ಹನುಮಂತಪ್ಪ, ವಾಸ: ಶಿವಮೊಗ್ಗ. ಸದರಿ ಪ್ರಕರಣದಲ್ಲಿ ಪ್ರತಿವಾದಿಗಳಿಗೆ ಸಾಮಾನ್ಯ ರೀತಿಯಲ್ಲಿ ನೋಟೀಸು ಜಾರಿಯಾಗದ ಕಾರಣ ಈ ಪತ್ರಿಕಾ ಪ್ರಕಟಣೆ ಮೂಲಕ ತಿಳಿಸುವುದೇನೆಂದರೆ, ದಿನಾಂಕ:24-03-2025 ರಂದು ಬೆಳಿಗ್ಗೆ 11.00 ಗಂಟೆಗೆ ಈ ನ್ಯಾಯಾಲಯದಲ್ಲಿ ಖುದ್ದಾಗಿ ಅಥವಾ ವಕೀಲರ ಮೂಲಕ ಹಾಜರಾಗತಕ್ಕದ್ದು. ತಪ್ಪಿದಲ್ಲಿ ಏಕಪಕ್ಷೀಯವಾಗಿ ತೀರ್ಮಾನಿಸಲಾಗುವುದು.

ಮೂಲ ಅರ್ಜಿದಾರರು: ಶ್ರೀ ಕೇಶವ ಬಿನ್ ಲೇ ಹನುಮಂತಪ್ಪ, ವಾಸ: ಶಿವಮೊಗ್ಗ. ಸದರಿ ಪ್ರಕರಣದಲ್ಲಿ ಪ್ರತಿವಾದಿಗಳಿಗೆ ಸಾಮಾನ್ಯ ರೀತಿಯಲ್ಲಿ ನೋಟೀಸು ಜಾರಿಯಾಗದ ಕಾರಣ ಈ ಪತ್ರಿಕಾ ಪ್ರಕಟಣೆ ಮೂಲಕ ತಿಳಿಸುವುದೇನೆಂದರೆ, ದಿನಾಂಕ:24-03-2025 ರಂದು ಬೆಳಿಗ್ಗೆ 11.00 ಗಂಟೆಗೆ ಈ ನ್ಯಾಯಾಲಯದಲ್ಲಿ ಖುದ್ದಾಗಿ ಅಥವಾ ವಕೀಲರ ಮೂಲಕ ಹಾಜರಾಗತಕ್ಕದ್ದು. ತಪ್ಪಿದಲ್ಲಿ ಏಕಪಕ್ಷೀಯವಾಗಿ ತೀರ್ಮಾನಿಸಲಾಗುವುದು.

ಮೂಲ ಅರ್ಜಿದಾರರು: ಶ್ರೀ ಕೇಶವ ಬಿನ್ ಲೇ ಹನುಮಂತಪ್ಪ, ವಾಸ: ಶಿವಮೊಗ್ಗ. ಸದರಿ ಪ್ರಕರಣದಲ್ಲಿ ಪ್ರತಿವಾದಿಗಳಿಗೆ ಸಾಮಾನ್ಯ ರೀತಿಯಲ್ಲಿ ನೋಟೀಸು ಜಾರಿಯಾಗದ ಕಾರಣ ಈ ಪತ್ರಿಕಾ ಪ್ರಕಟಣೆ ಮೂಲಕ ತಿಳಿಸುವುದೇನೆಂದರೆ, ದಿನಾಂಕ:24-03-2025 ರಂದು ಬೆಳಿಗ್ಗೆ 11.00 ಗಂಟೆಗೆ ಈ ನ್ಯಾಯಾಲಯದಲ್ಲಿ ಖುದ್ದಾಗಿ ಅಥವಾ ವಕೀಲರ ಮೂಲಕ ಹಾಜರಾಗತಕ್ಕದ್ದು. ತಪ್ಪಿದಲ್ಲಿ ಏಕಪಕ್ಷೀಯವಾಗಿ ತೀರ್ಮಾನಿಸಲಾಗುವುದು.

ವಾದಿ ಪರ ವಕೀಲರು ಶ್ರೀ.ಬಸವರಾಜ, ನ್ಯಾಯವಾದಿಗಳು, ಶಿವಮೊಗ್ಗ
ನ್ಯಾಯಾಲಯದ ಆಜ್ಞೆ ಮೇರೆಗೆ ಸ/- ಪ್ರಧಾನ ಸಿವಿಲ್ ನ್ಯಾಯಾಧೀಶರು, ಶಿವಮೊಗ್ಗ
CHANGE OF NAME
I, MOHAMED IRFAN SAB
(Old Name) Resident of No. 275, Gulam Mohunddin Road, Nehru Nagar, Sagar 577401 (address), have changed my name as
MOHAMMED IRFAN SAB
(New Name) for all purposes, vide affidavit dated: 21/02/2025 before notary Bidaralli N. B.
ತಪ್ಪದೇ ಓದಿ
ವಿಕ್ರಮ
ಉಜ್ವಲ ರಾಷ್ಟ್ರೀಯ ವಾರಪತ್ರಿಕೆ
ಪ್ರತಿಗಳಿಗಾಗಿ ಸಂಪರ್ಕಿಸಿ
ಮೊ.88612 09147
CHANGE OF NAME
IMTIAZ FARIDA BANU W/o SYED SADIQ HUSSAIN Resident, S.S. Manzil, 1st stage, opp Qubha masjid, R.M.L Nagar, Gopala Ext. Shivamogga, Previously called as IMTIAZ FARIDA BANO (old Name) have changed my name as IMTIAZ FARIDA BANU (New Name) vide affidavit dated 20-02-2025 sworn in the presence of Mr. M.S. VAGEESHA (Notary)
ಕರ್ನಾಟಕ ಸರ್ಕಾರ
ತಾಲ್ಲೂಕು ಪಂಚಾಯಿತಿ ಕಾರ್ಯಾಲಯ, ಚಿಕ್ಕಮಗಳೂರು
ದೂ: 08262-234017, ಇ-ಮೇಲ್: tpsckm@gmail.com
ಸಂಖ್ಯೆ: ತಾಪಂಚಿಮ/ಲೆ:ತೆ/ಟೆಂಡರ್/2024-25	ದಿನಾಂಕ:15-02-2025
ಅಲ್ಪಾವಧಿ ಇ-ಟೆಂಡರ್ ಅಧಿಸೂಚನೆ

ಚಿಕ್ಕಮಗಳೂರು ತಾಲ್ಲೂಕು ಪಂಚಾಯತಿ ವ್ಯಾಪ್ತಿಯ ಕಾಮಗಾರಿಗಳಿಗೆ ಅರ್ಹ ಗುತ್ತಿಗೆದಾರರಿಂದ ಇ-ಟೆಂಡರ್ ಆಹ್ವಾನಿಸಲಾಗಿದೆ. ಟೆಂಡರ್ ದಾಖಲೆಗಳನ್ನು ವೆಬ್‌ಸೈಟ್ http://eproc.karnataka.gov.in ನಲ್ಲಿ ಪಡೆಯಬಹುದು. ಟೆಂಡರ್ ಸಲ್ಲಿಸಲು ಕೊನೆಯ ದಿನಾಂಕ: 01-03-2025 ಮಧ್ಯಾಹ್ನ 4.30 ಗಂಟೆ. ಹೆಚ್ಚಿನ ಮಾಹಿತಿಗೆ ವೆಬ್‌ಸೈಟ್ http://eproc.karnataka.gov.in ನಲ್ಲಿ ಸಂಪರ್ಕಿಸಬಹುದು.

ಸ/- ಕಾರ್ಯನಿರ್ವಾಹಕ ಅಧಿಕಾರಿ, ತಾಲ್ಲೂಕು ಪಂಚಾಯಿತಿ, ಚಿಕ್ಕಮಗಳೂರು
ಕರ್ನಾಟಕ ಸರ್ಕಾರ
ಹಿಂದುಳಿದ ವರ್ಗಗಳ ಕಲ್ಯಾಣ ಇಲಾಖೆ,
ಜಿಲ್ಲಾಧಿಕಾರಿಗಳ ಭವನ, ಕೊಠಡಿ ಸಂ: 131, ಮೊದಲನೇ ಮಹಡಿ, ಚಾಮರಾಜನಗರ
ಇ-ಮೇಲ್: dobcmchamarajanagara@gmail.com	ದೂರವಾಣಿ ಸಂ: 08226-222180
ಇ-ಪ್ರೊಕ್ಯೂರ್‌ಮೆಂಟ್ ಟೆಂಡರ್ ಪ್ರಕಟಣೆ

ವಿಷಯ: 2025-26ನೇ ಸಾಲಿನ ಹಿಂದುಳಿದ ವರ್ಗಗಳ ಕಲ್ಯಾಣ ಇಲಾಖೆಯ ವ್ಯಾಪ್ತಿಯಲ್ಲಿ ಬರುವ ವಿದ್ಯಾರ್ಥಿನಿಲಯಗಳಿಗೆ ಆಹಾರ ಸಾಮಗ್ರಿ, ತರಕಾರಿ, ಹಣ್ಣು, ಹಾಲು, ಮೊಟ್ಟೆ ಮತ್ತು ಇತರೆ ಸಾಮಗ್ರಿಗಳನ್ನು ಸರಬರಾಜು ಮಾಡಲು ಇ-ಪ್ರೊಕ್ಯೂರ್‌ಮೆಂಟ್ ಮೂಲಕ ಟೆಂಡರ್ ಆಹ್ವಾನಿಸಲಾಗಿದೆ.

ವಿಷಯ: 2025-26ನೇ ಸಾಲಿನ ಹಿಂದುಳಿದ ವರ್ಗಗಳ ಕಲ್ಯಾಣ ಇಲಾಖೆಯ ವ್ಯಾಪ್ತಿಯಲ್ಲಿ ಬರುವ ವಿದ್ಯಾರ್ಥಿನಿಲಯಗಳಿಗೆ ಆಹಾರ ಸಾಮಗ್ರಿ, ತರಕಾರಿ, ಹಣ್ಣು, ಹಾಲು, ಮೊಟ್ಟೆ ಮತ್ತು ಇತರೆ ಸಾಮಗ್ರಿಗಳನ್ನು ಸರಬರಾಜು ಮಾಡಲು ಇ-ಪ್ರೊಕ್ಯೂರ್‌ಮೆಂಟ್ ಮೂಲಕ ಟೆಂಡರ್ ಆಹ್ವಾನಿಸಲಾಗಿದೆ.

ಇ-ಟೆಂಡರ್ ಘಟನಾವಳಿಗಳು:-
1. ಟೆಂಡರ್ ಪ್ರಕಟಿಸಿದ ದಿನಾಂಕ: 17.02.2025
2. ಟೆಂಡರ್ ಶುಲ್ಕ: ರೂ.178.00
3. ಪೂರ್ವಭಾವಿ ಸಭೆ ದಿನಾಂಕ: 25.02.2025 ಬೆಳಿಗ್ಗೆ 11.00 ಗಂಟೆ
4. ಟೆಂಡರ್ ಸಲ್ಲಿಸಲು ಕೊನೆಯ ದಿನಾಂಕ: 18.03.2025 ಸಂಜೆ 17.00 ಗಂಟೆ
5. ತಾಂತ್ರಿಕ ಬಿಡ್ ತೆರೆಯುವ ದಿನಾಂಕ: 24.03.2025 ಬೆಳಿಗ್ಗೆ 11.30 ಗಂಟೆ
6. ಆರ್ಥಿಕ ಬಿಡ್ ತೆರೆಯುವ ದಿನಾಂಕ: 27.03.2025 ಬೆಳಿಗ್ಗೆ 11.30 ಗಂಟೆ
7. ಅಂದಾಜು ಮೊತ್ತ: ರೂ.8,90,000-00

ವಿಷಯ: 2025-26ನೇ ಸಾಲಿನ ಹಿಂದುಳಿದ ವರ್ಗಗಳ ಕಲ್ಯಾಣ ಇಲಾಖೆಯ ವ್ಯಾಪ್ತಿಯಲ್ಲಿ ಬರುವ ವಿದ್ಯಾರ್ಥಿನಿಲಯಗಳಿಗೆ ಆಹಾರ ಸಾಮಗ್ರಿ, ತರಕಾರಿ, ಹಣ್ಣು, ಹಾಲು, ಮೊಟ್ಟೆ ಮತ್ತು ಇತರೆ ಸಾಮಗ್ರಿಗಳನ್ನು ಸರಬರಾಜು ಮಾಡಲು ಇ-ಪ್ರೊಕ್ಯೂರ್‌ಮೆಂಟ್ ಮೂಲಕ ಟೆಂಡರ್ ಆಹ್ವಾನಿಸಲಾಗಿದೆ.

ಸ/- ಜಿಲ್ಲಾ ಅಧಿಕಾರಿ, ಹಿಂದುಳಿದ ವರ್ಗಗಳ ಕಲ್ಯಾಣ ಇಲಾಖೆ, ಚಾಮರಾಜನಗರ ಜಿಲ್ಲೆ, ಚಾಮರಾಜನಗರ
ವಾ.ಸಾ.ಇ/ಚಾಮ/ಜಾ.ನಂ:639/2024-25
ಕರ್ನಾಟಕ ಸರ್ಕಾರ
ಪಂಚಾಯತ್ ರಾಜ್ ಇಂಜಿನಿಯರಿಂಗ್ ವಿಭಾಗ, ಶಿರಸಿ, ಉತ್ತರ ಕನ್ನಡ
ದೂರವಾಣಿ: 08384-226381 ಇ-ಮೇಲ್: ee_zpedsirsi@yahoo.co.in
ಸಂ:ಕಾ.ನಿ.ಅ/ಪಂ.ರಾ.ಇ.ವಿ/ಶಿರಸಿ/ಟೆಂಡರ್/ಟಿ-35/ಪ್ರಶಾಸನ/2024-25/2078	ದಿನಾಂಕ: 18-02-2025
ಟೆಂಡರ್ ಪ್ರಕಟಣೆ 35/2024-25 (ಇ-ಪ್ರೊಕ್ಯೂರ್‌ಮೆಂಟ್ ಮೂಲಕ)

ಕಾರ್ಯನಿರ್ವಾಹಕ ಇಂಜಿನಿಯರ್, ಪಂಚಾಯತ್ ರಾಜ್ ಇಂಜಿನಿಯರಿಂಗ್ ವಿಭಾಗ, ಶಿರಸಿ ಇವರು ಕರ್ನಾಟಕ ಲೋಕೋಪಯೋಗಿ ಇಲಾಖೆಯಲ್ಲಿ ನೋಂದಾಯಿಸಿದ ಅರ್ಹ ಗುತ್ತಿಗೆದಾರರಿಂದ ಈ ಕೆಳಗಿನ ಕಾಮಗಾರಿಗಳಿಗೆ ಇ-ಪ್ರೊಕ್ಯೂರ್‌ಮೆಂಟ್ ಮೂಲಕ Standard Tender Document ರಂತೆ KW-4 ಟೆಂಡರ್ ಆಹ್ವಾನಿಸಿರುತ್ತಾರೆ. ಹೆಚ್ಚಿನ ವಿವರಗಳಿಗೆ http://www.kppp.karnataka.gov.in ನಲ್ಲಿ ವೀಕ್ಷಿಸಬಹುದು.

(1) RDPR/2024-25/RD/WORK_INDENT10793/CALL-2 (2) RDPR/2024-25/RD/WORK_INDENT11418/CALL-3 SC Category (3) RDPR/2024-25/RD/WORK_INDENT12902 (4) RDPR/2024-25/RD/WORK_INDENT9388/CALL-2 (5) RDPR/2024-25/RD/WORK_INDENT12078/CALL-2 Others Category (6) RDPR/2024-25/RD/WORK_INDENT12903 (7) RDPR/2024-25/BR/WORK_INDENT12329/CALL-2 (8) RDPR/2024-25/RD/WORK_INDENT11229/CALL-3 (9) RDPR/2024-25/RD/WORK_INDENT8782/CALL-4 (10) RDPR/2024-25/RD/WORK_INDENT8633/CALL-4

1) ಟೆಂಡರ್ ಸಲ್ಲಿಸಲು ಕೊನೆಯ ದಿನಾಂಕ: 03-03-2025 ರ ಸಂಜೆ 16.00 ಘಂಟೆವರೆಗೆ 2) ತಾಂತ್ರಿಕ ಬಿಡ್ ತೆರೆಯುವ ದಿನಾಂಕ: 04-03-2025 ರಂದು 16.30 ಘಂಟೆಗೆ www.kppp.karnataka.gov.in

ಸ/- ಕಾರ್ಯನಿರ್ವಾಹಕ ಇಂಜಿನಿಯರ್, ಪಂಚಾಯತ್ ರಾಜ್ ಇಂಜಿನಿಯರಿಂಗ್ ವಿಭಾಗ, ಶಿರಸಿ
DIPR/ADK/KSMCA/A/54-25 21.02.2025
ತುಮಕೂರು ಮಹಾನಗರಪಾಲಿಕೆ, ತುಮಕೂರು
ವೆಬ್‌ಸೈಟ್ : www.tumkurcity.mrc.gov.in ಇಮೇಲ್ : itstaff_ulb_tumkur@yahoo.com
ದೂರವಾಣಿ : 2278480, ಫ್ಯಾಕ್ಸ್ 2275106, ಸಹಾಯವಾಣಿ : 0816-2271200, 2272200
ಸಂಖ್ಯೆ:ತುಮಪಾ/ಕಂದಾ.ಶಾ/ಖಾತಾಪುಸ್ತಕ/ಜಾಹೀ-16/2021-22	ದಿನಾಂಕ : 15-02-2025
ಸಾರ್ವಜನಿಕ ಪ್ರಕಟಣೆ

ಈ ಮೂಲಕ ಸಾರ್ವಜನಿಕರಿಗೆ ತಿಳಿಯಪಡಿಸುವುದೇನೆಂದರೆ, ತುಮಕೂರು ನಗರದ ವಾರ್ಡ್ ನಂ:11 ರಿಂಗ್ ರಸ್ತೆ ದಿಂದ ಹಾಯ್ಲೇಗನಹಳ್ಳಿ ಮಾರ್ಗವಾಗಿ ಗಂಗಸಂದ್ರ ಕೆರೆಯ ಏರಿ ರಸ್ತೆ ಕಡೆಯ ಕೂಡು ರಸ್ತೆ ಅಗಲೀಕರಣ ಮತ್ತು ಅಭಿವೃದ್ಧಿ ಕಾಮಗಾರಿ ಕೈಗೊಳ್ಳಲು ಉದ್ದೇಶಿಸಲಾಗಿದ್ದು, ರಸ್ತೆ ಅಗಲೀಕರಣಕ್ಕೆ ಒಳಪಡುವ ಕೆಳಕಂಡ ಸ್ವತ್ತಿನ ಮಾಲೀಕರಿಗೆ ಪರಿಹಾರ ನೀಡಲು ಅವಶ್ಯಕತೆ ಇದೆ. ಸದರಿ ಸ್ವತ್ತುಗಳಿಗೆ ಸಂಬಂಧಿಸಿದಂತೆ ಯಾರಿಗಾದರೂ ಆಕ್ಷೇಪಣೆಗಳಿದ್ದಲ್ಲಿ ಈ ಪ್ರಕಟಣೆ ಹೊರಡಿಸಿದ 30 ದಿನದೊಳಗಾಗಿ ಲಿಖಿತ ರೂಪದಲ್ಲಿ ತುಮಕೂರು ಮಹಾನಗರಪಾಲಿಕೆ ಕಛೇರಿಗೆ ಸಲ್ಲಿಸತಕ್ಕದ್ದು. ಅವಧಿ ಮೀರಿ ಬರುವ ಆಕ್ಷೇಪಣೆಗಳನ್ನು ಪರಿಗಣಿಸಲಾಗುವುದಿಲ್ಲ.

ಕ್ರ. ಸಂ.	ಸ್ವತ್ತಿನ ಮಾಲೀಕರ ಹೆಸರು	ಪಿಐಡಿ	ಆಸ್ತಿ ಸಂಖ್ಯೆ	ರಸ್ತೆಗೆ ಅವಶ್ಯವಾಗುವ ಅಳತೆ (ಚ.ಅ)
1	ಕಮಲಮ್ಮ ಎನ್ ಕೋಂ ಬಿ ರಿಜ್ವಾನ	91946	189/963/a/479	30+3a90
2	ಟಿ ಎಂ ವೆಂಕಟಾಚಲಯ್ಯ ಬಿನ್ ಮುದ್ದಣ್ಣ	34528	189/963	70+3=210
3	ಜಯಮ್ಮ ಕೋಂ ಮೈಲಾರಪ್ಪ	34523	242/962	40+1=40
4	ಎಂ ಹೆಚ್ ಚಿನ್ನಯ್ಯ ಬಿನ್ ವಿಜಯಕೃಷ್ಣ	34520	431/961	20+3=60
5	ಎಂ ಶ್ರೀಧರ್ ಬಿನ್ ಮೈಲಾರಯ್ಯ	38208	1190/2848	25+2=50
6	ಪೊರಿಯಲ್ಲೇಗಾಣಿ ಕೋಂ ಅಬ್ದುಲ್ ರಫೀಕ್‌ಖಾನ್	34515	188/960	20+2=40
7	ಆರ್ ಲಿಂಗರಾಜು ಬಿನ್ ಲೇಟ್ ರಾಮಯ್ಯ	34507	382/958	40+1=40
8	ಹೆಚ್.ಎಲ್.ಮಂಜುನಾಥ್ ಮತ್ತು ಹೆಚ್.ಎಲ್.ಶರತ್ ಕುಮಾರ್.	82988	186/957	40+3=120
9	ಟಿ ಬಿ ಲಕ್ಷ್ಮಿದೇವಮ್ಮ ಬಿನ್ ಲೇಟ್ ಬೋರಣ್ಣ	71471	185/956/3098	13.5+2=26.5
10	ಸಂದೇಶ್ ಟಿ ಪಿ ಬಿನ್ ಟಿ ಪಿ ಮಲ್ಲಣ್ಣ	120675	185/956/6484	31+2=62
11	ಜಿ ಹೆಚ್ ಮಹದೇವ ಕೋಂ ಎಂ ಎಸ್ ಕುಮಾರ್	34369	161/927	42+3=126
12	ರುಕ್ಮಿಣಿ ಕೋಂ ಸಿ ಸುಬ್ಬಣ್ಣ	34362	160/a/925	20+2=40
13	ಎಂ ಆರ್ ರಾಮಕೃಷ್ಣಯ್ಯ ಬಿನ್ ಲೇಟ್ ರಾಮಯ್ಯ	34357	160/a/925/a	20+1=20
14	ಎಂ ಸಿ ಗೋಪಾಲಯ್ಯ ಬಿನ್ ಚಿಕ್ಕಣ್ಣವಯ್ಯ	35319	267/1067/a	14+1=14
15	ಮಹಾಂತೇಶ್ ಕುಮಾರ್ ಆರ್ ಬಿನ್ ರಮೇಶ್	122036	158/6301/6621	23+3=69
16	ಮಂಗಳಮ್ಮ ಕೋಂ ಹನುಮಂತರಾಯಪ್ಪ	34339	404/921	25+1=25
17	ಎಂ ಎಸ್ ಮಂಜುನಾಥ ಬಿನ್ ಎಂ ಸಿ ಸಿದ್ದಪ್ಪಾಜಿ	33657	69/797	3+40=120
18	ಭಾಗ್ಯ ಎಂ.ಎಸ್ ಕೋಂ ಲಕ್ಷ್ಮೀಶ	71481	69/797/3099	7+1.35=94.5
19	ಎಂ ಮಲ್ಲಿರಾಜು ಬಿನ್ ಪಿ ಮಲ್ಲಯ್ಯ	33888	426/1170	5+26.5=132.5
20	ಉಮೇಶ್ ಸಿ ಬಿನ್ ಆರ್ ಚಂದ್ರಶೇಖರ್	92749	60/788/4749	8+18=144
21	ರಮೇಶ್ ಎನ್ ಬಿನ್ ನಿಕ್ಷಿತಾರಾಜಣ	108512	60/788/6215	8+18=144
22	ಎಂ ಆರ್ ಪ್ರೇಮ, ಎಂ ಕೆ ಶೈಲ ಮತ್ತು ಕೆ ಎಂ ಪ್ರಭಾಕರ್, ಕೆ ಸಿದ್ದರಾಜು ಮತ್ತು ಕೆ ಎಂ ಚೇತನ್	33626	56/786	7+50=350
23	ಗಂಗಮ್ಮ ಕೋಂ ಸಿದ್ದಲಿಂಗಯ್ಯ	33613	59/783	3+50=150
24	ಮಲ್ಲಿಕಾರ್ಜುನಯ್ಯ ಬಿನ್ ಎಸ್ ಬೈರಪ್ಪ	33603	55/782	6+26=156
25	ಬಸಮ್ಮ ಕೋಂ ಕುಮಾರ್	35974	399/1152	8+25=200
26	ಶ್ರೀನಿವಾಸ (ಎಂ ಎಸ್ ಶ್ರೀಧರ್) ಬಿನ್ ಎಸ್ ಶಿವಲಿಂಗಯ್ಯ	39587	47/a/774/a	8+13.5=108
27	ಬಸವರಾಜು ಬಿನ್ ಎಸ್ ಶಿವಲಿಂಗಯ್ಯ	39581	47/774	8+13.5=108
28	ಟಿ ಎಸ್ ವೆಂಕಟಾಚಲಯ್ಯ ಬಿನ್ ಚಿಕ್ಕಗಿರಿಯ	39555	42/768	8+50=400
29	ಸುಶೀಲ ಟಿ ಎಸ್ ಕೋಂ ಎಂ ಎಸ್ ಆನಂದ ಕುಮಾರ್	39480	34/b/755	6+25=150
30	ಎಂ ಎನ್ ಜಯಮ್ಮ ಕೋಂ ಎ ಎಸ್ ಆನಂದ ಸಾಗರ್	39468	34/a/754	6+25=150
31	ಚಂದ್ರಪ್ಪ ಬಿನ್ ಚಿಕ್ಕತಿಮ್ಮಯ್ಯ	39449	33/a/752	7+50=350
32	ಎಂ ಎಸ್ ನರೋಜ ಕೋಂ ಮಲ್ಲಿಕಾರ್ಜುನ	39249	14/728	6+20=120
33	ಎಂ ಜಿ ಯೋಗೀಶ್ ಬಿನ್ ಗಣೇಶಯ್ಯ	68984	14/a/729/a/3333	7+25=175
34	ಹನುಮಂತಯ್ಯ ಬಿನ್ ಲೇಟ್ ವೆಂಕಟಪ್ಪ	39402	213/740	5+50=250
35	ಹನುಮಂತರಾಯಪ್ಪ ಬಿನ್ ರಂಗಪ್ಪ	34682	205/994	48+5=240
36	ಮೀನಾ ಎಂ ಕೆ ಕೋಂ ಲೇಟ್ ಕೃಷ್ಣಪ್ಪ	121751	41/767/6613	7+25=175
37	ಮಹೇಶ್ ಎಂ ಕೆ ಬಿನ್ ಲೇಟ್ ಕೃಷ್ಣಪ್ಪ	121750	41/767/6612	7+25=175
38	ಲಿಂಗರಾಜು ಬಿನ್ ಸಿದ್ದಯ್ಯ	33928	453/1187	8+17=136
39	ಶೋಭಾ ಕೋಂ ಸತೀಶ್	79332	11/724	2+25=50
40	ಎಂ ಆರ್ ರಾಮಚಂದ್ರಯ್ಯ ಬಿನ್ ಲೇಟ್ ಚಿಕ್ಕರಾಮಯ್ಯ	99743	159/922/5659	2+25=50
41	ಹೆಚ್ ಸಿದ್ದಲಿಂಗಯ್ಯ ಬಿನ್ ಮುದ್ದವೀರಯ್ಯ	39568	67/795	6+50=300
42	ಪ್ರವೀಣ್ ಕುಮಾರ್ ಎಂ ಕೆ ಬಿನ್ ಎಂ ಕೆ ಸಿದ್ದಲಿಂಗಯ್ಯ	39578	46/773	4+40=160
43	ಗೋಪಾಲ ಕೃಷ್ಣ ಬಿನ್ ಲೇಟ್ ವೆಂಕಟಪ್ಪ	33632	61/789	6+50=300
44	ಎಂ ಆರ್ ರಾಜು ಬಿನ್ ಲೇಟ್ ರಾಮಯ್ಯ	38546	8/721	36+5=180
45	ಗಂಗಣ್ಣ ಬಿನ್ ಲೇಟ್ ತಿಮ್ಮಯ್ಯ	33926	452/1186	8+17=136
46	ಎಂ ಆರ್ ಪ್ರೇಮ, ಎಂ ಕೆ ಶೈಲ ಮತ್ತು ಕೆ ಎಂ ಪ್ರಭಾಕರ್, ಕೆ ಸಿದ್ದರಾಜು ಮತ್ತು ಕೆ ಎಂ ಚೇತನ್	78831	55/782/a/3742	4+24=96
47	ಡಾ ಉಮೇಶ್ ಎಸ್ ಬಿನ್ ಎಸ್ ಲಕ್ಷ್ಮಣ್	38725	11/724/a/3683	2+25=50
ಸ/- ಆಯುಕ್ತರು
DIPR/TUM/RO-180/24-25/Oysters	ತುಮಕೂರು ಮಹಾನಗರಪಾಲಿಕೆ ತುಮಕೂರು.
